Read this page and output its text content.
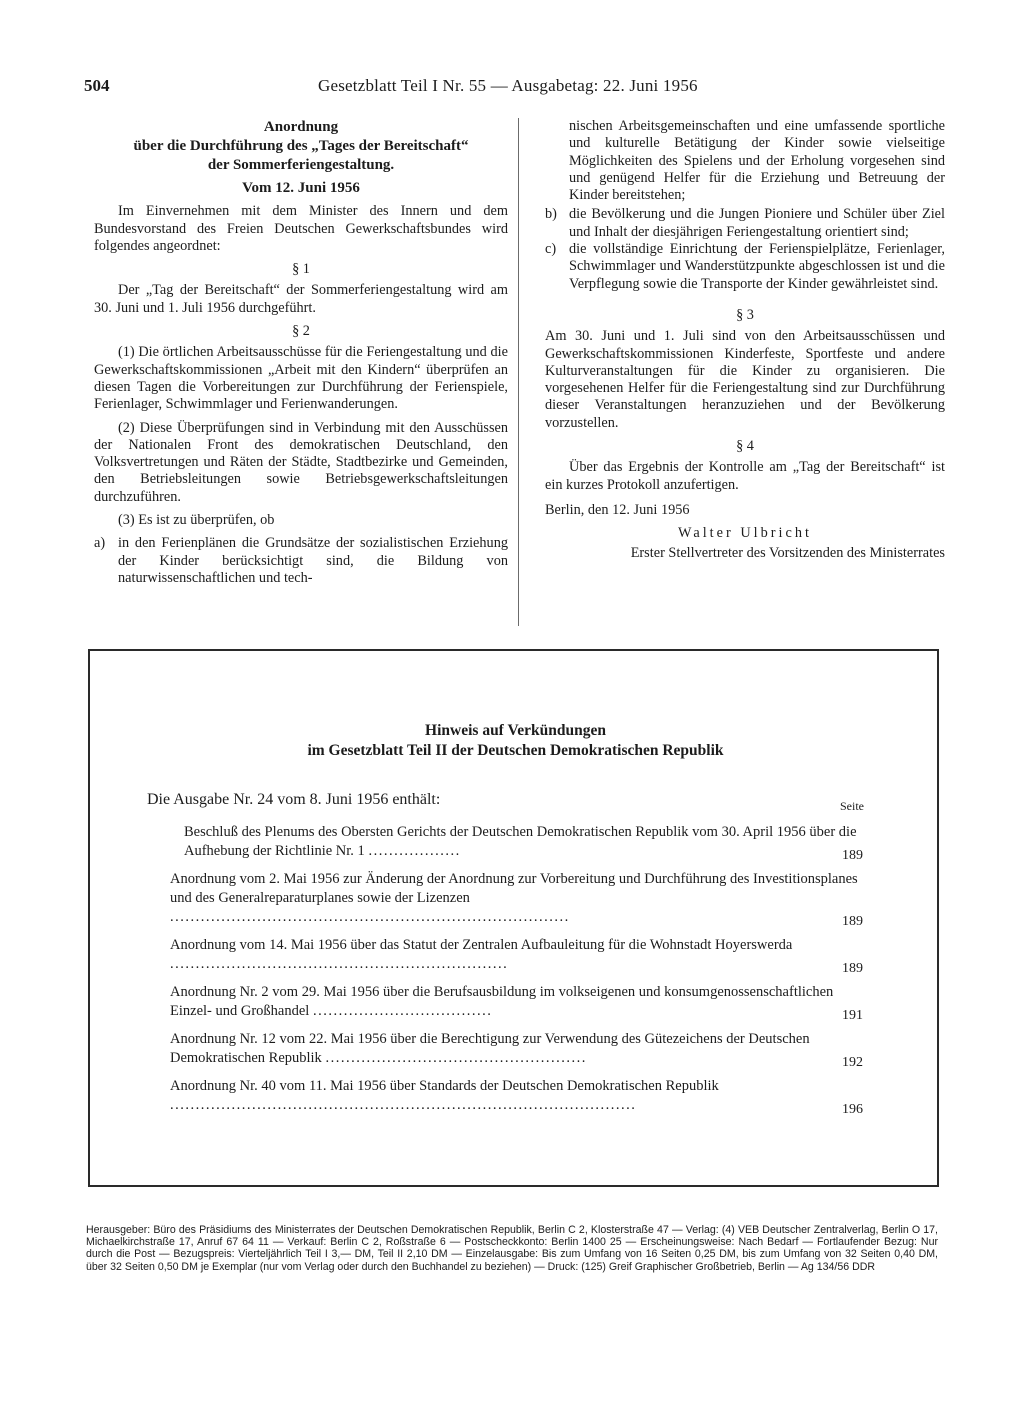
504	Gesetzblatt Teil I Nr. 55 — Ausgabetag: 22. Juni 1956
Anordnung
über die Durchführung des „Tages der Bereitschaft“
der Sommerferiengestaltung.
Vom 12. Juni 1956

Im Einvernehmen mit dem Minister des Innern und dem Bundesvorstand des Freien Deutschen Gewerkschaftsbundes wird folgendes angeordnet:

§ 1

Der „Tag der Bereitschaft“ der Sommerferiengestaltung wird am 30. Juni und 1. Juli 1956 durchgeführt.

§ 2

(1) Die örtlichen Arbeitsausschüsse für die Feriengestaltung und die Gewerkschaftskommissionen „Arbeit mit den Kindern“ überprüfen an diesen Tagen die Vorbereitungen zur Durchführung der Ferienspiele, Ferienlager, Schwimmlager und Ferienwanderungen.

(2) Diese Überprüfungen sind in Verbindung mit den Ausschüssen der Nationalen Front des demokratischen Deutschland, den Volksvertretungen und Räten der Städte, Stadtbezirke und Gemeinden, den Betriebsleitungen sowie Betriebsgewerkschaftsleitungen durchzuführen.

(3) Es ist zu überprüfen, ob

a) in den Ferienplänen die Grundsätze der sozialistischen Erziehung der Kinder berücksichtigt sind, die Bildung von naturwissenschaftlichen und tech-

nischen Arbeitsgemeinschaften und eine umfassende sportliche und kulturelle Betätigung der Kinder sowie vielseitige Möglichkeiten des Spielens und der Erholung vorgesehen sind und genügend Helfer für die Erziehung und Betreuung der Kinder bereitstehen;

b) die Bevölkerung und die Jungen Pioniere und Schüler über Ziel und Inhalt der diesjährigen Feriengestaltung orientiert sind;
c) die vollständige Einrichtung der Ferienspielplätze, Ferienlager, Schwimmlager und Wanderstützpunkte abgeschlossen ist und die Verpflegung sowie die Transporte der Kinder gewährleistet sind.
§ 3

Am 30. Juni und 1. Juli sind von den Arbeitsausschüssen und Gewerkschaftskommissionen Kinderfeste, Sportfeste und andere Kulturveranstaltungen für die Kinder zu organisieren. Die vorgesehenen Helfer für die Feriengestaltung sind zur Durchführung dieser Veranstaltungen heranzuziehen und der Bevölkerung vorzustellen.

§ 4

Über das Ergebnis der Kontrolle am „Tag der Bereitschaft“ ist ein kurzes Protokoll anzufertigen.

Berlin, den 12. Juni 1956
Walter Ulbricht
Erster Stellvertreter des Vorsitzenden des Ministerrates
Hinweis auf Verkündungen
im Gesetzblatt Teil II der Deutschen Demokratischen Republik
Die Ausgabe Nr. 24 vom 8. Juni 1956 enthält:	Seite
Beschluß des Plenums des Obersten Gerichts der Deutschen Demokratischen Republik vom 30. April 1956 über die Aufhebung der Richtlinie Nr. 1 ..................	189
Anordnung vom 2. Mai 1956 zur Änderung der Anordnung zur Vorbereitung und Durchführung des Investitionsplanes und des Generalreparaturplanes sowie der Lizenzen ..............................................................................	189
Anordnung vom 14. Mai 1956 über das Statut der Zentralen Aufbauleitung für die Wohnstadt Hoyerswerda ..................................................................	189
Anordnung Nr. 2 vom 29. Mai 1956 über die Berufsausbildung im volkseigenen und konsumgenossenschaftlichen Einzel- und Großhandel ...................................	191
Anordnung Nr. 12 vom 22. Mai 1956 über die Berechtigung zur Verwendung des Gütezeichens der Deutschen Demokratischen Republik ...................................................	192
Anordnung Nr. 40 vom 11. Mai 1956 über Standards der Deutschen Demokratischen Republik ...........................................................................................	196
Herausgeber: Büro des Präsidiums des Ministerrates der Deutschen Demokratischen Republik, Berlin C 2, Klosterstraße 47 — Verlag: (4) VEB Deutscher Zentralverlag, Berlin O 17, Michaelkirchstraße 17, Anruf 67 64 11 — Verkauf: Berlin C 2, Roßstraße 6 — Postscheckkonto: Berlin 1400 25 — Erscheinungsweise: Nach Bedarf — Fortlaufender Bezug: Nur durch die Post — Bezugspreis: Vierteljährlich Teil I 3,— DM, Teil II 2,10 DM — Einzelausgabe: Bis zum Umfang von 16 Seiten 0,25 DM, bis zum Umfang von 32 Seiten 0,40 DM, über 32 Seiten 0,50 DM je Exemplar (nur vom Verlag oder durch den Buchhandel zu beziehen) — Druck: (125) Greif Graphischer Großbetrieb, Berlin — Ag 134/56 DDR
